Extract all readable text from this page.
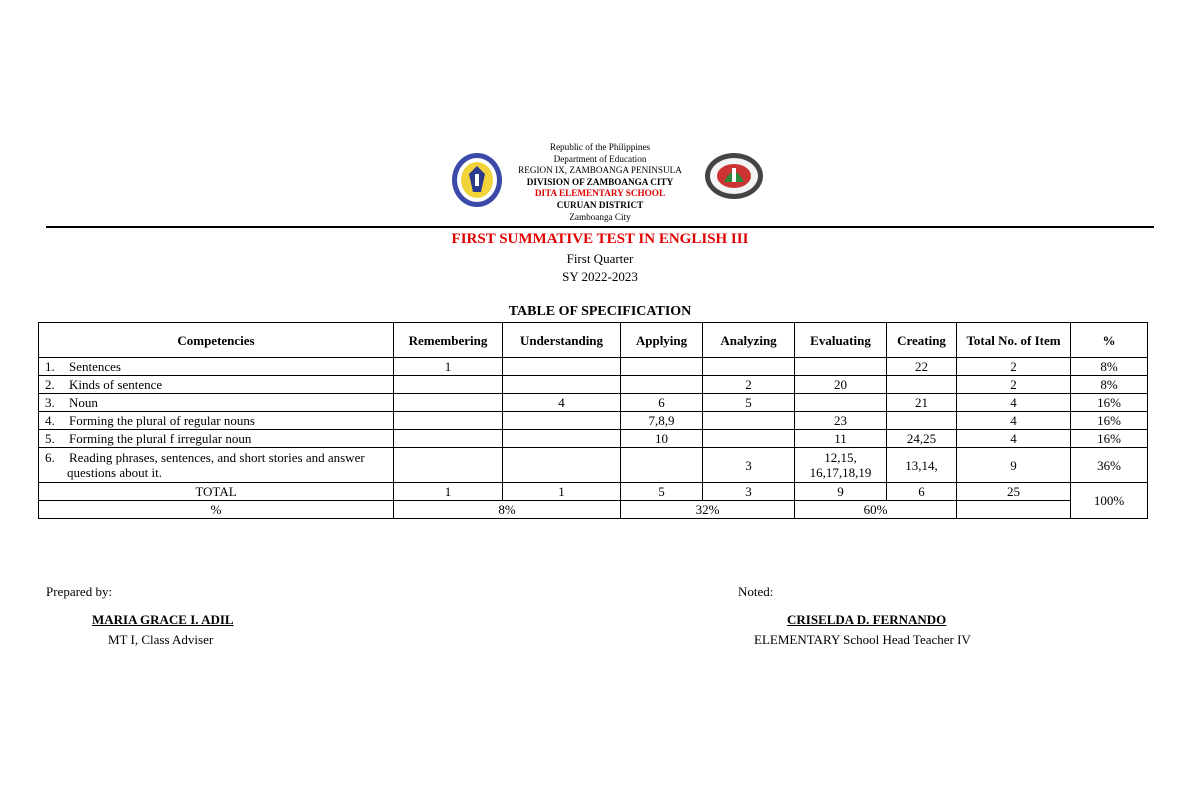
Republic of the Philippines
Department of Education
REGION IX, ZAMBOANGA PENINSULA
DIVISION OF ZAMBOANGA CITY
DITA ELEMENTARY SCHOOL
CURUAN DISTRICT
Zamboanga City
FIRST SUMMATIVE TEST IN ENGLISH III
First Quarter
SY 2022-2023
TABLE OF SPECIFICATION
Competencies	Remembering	Understanding	Applying	Analyzing	Evaluating	Creating	Total No. of Item	%
1. Sentences	1					22	2	8%
2. Kinds of sentence				2	20		2	8%
3. Noun		4	6	5		21	4	16%
4. Forming the plural of regular nouns			7,8,9		23		4	16%
5. Forming the plural f irregular noun			10		11	24,25	4	16%
6. Reading phrases, sentences, and short stories and answer questions about it.				3	12,15, 16,17,18,19	13,14,	9	36%
TOTAL	1	1	5	3	9	6	25	100%
%	8%		32%		60%			
Prepared by:
MARIA GRACE I. ADIL
MT I, Class Adviser
Noted:
CRISELDA D. FERNANDO
ELEMENTARY School Head Teacher IV
